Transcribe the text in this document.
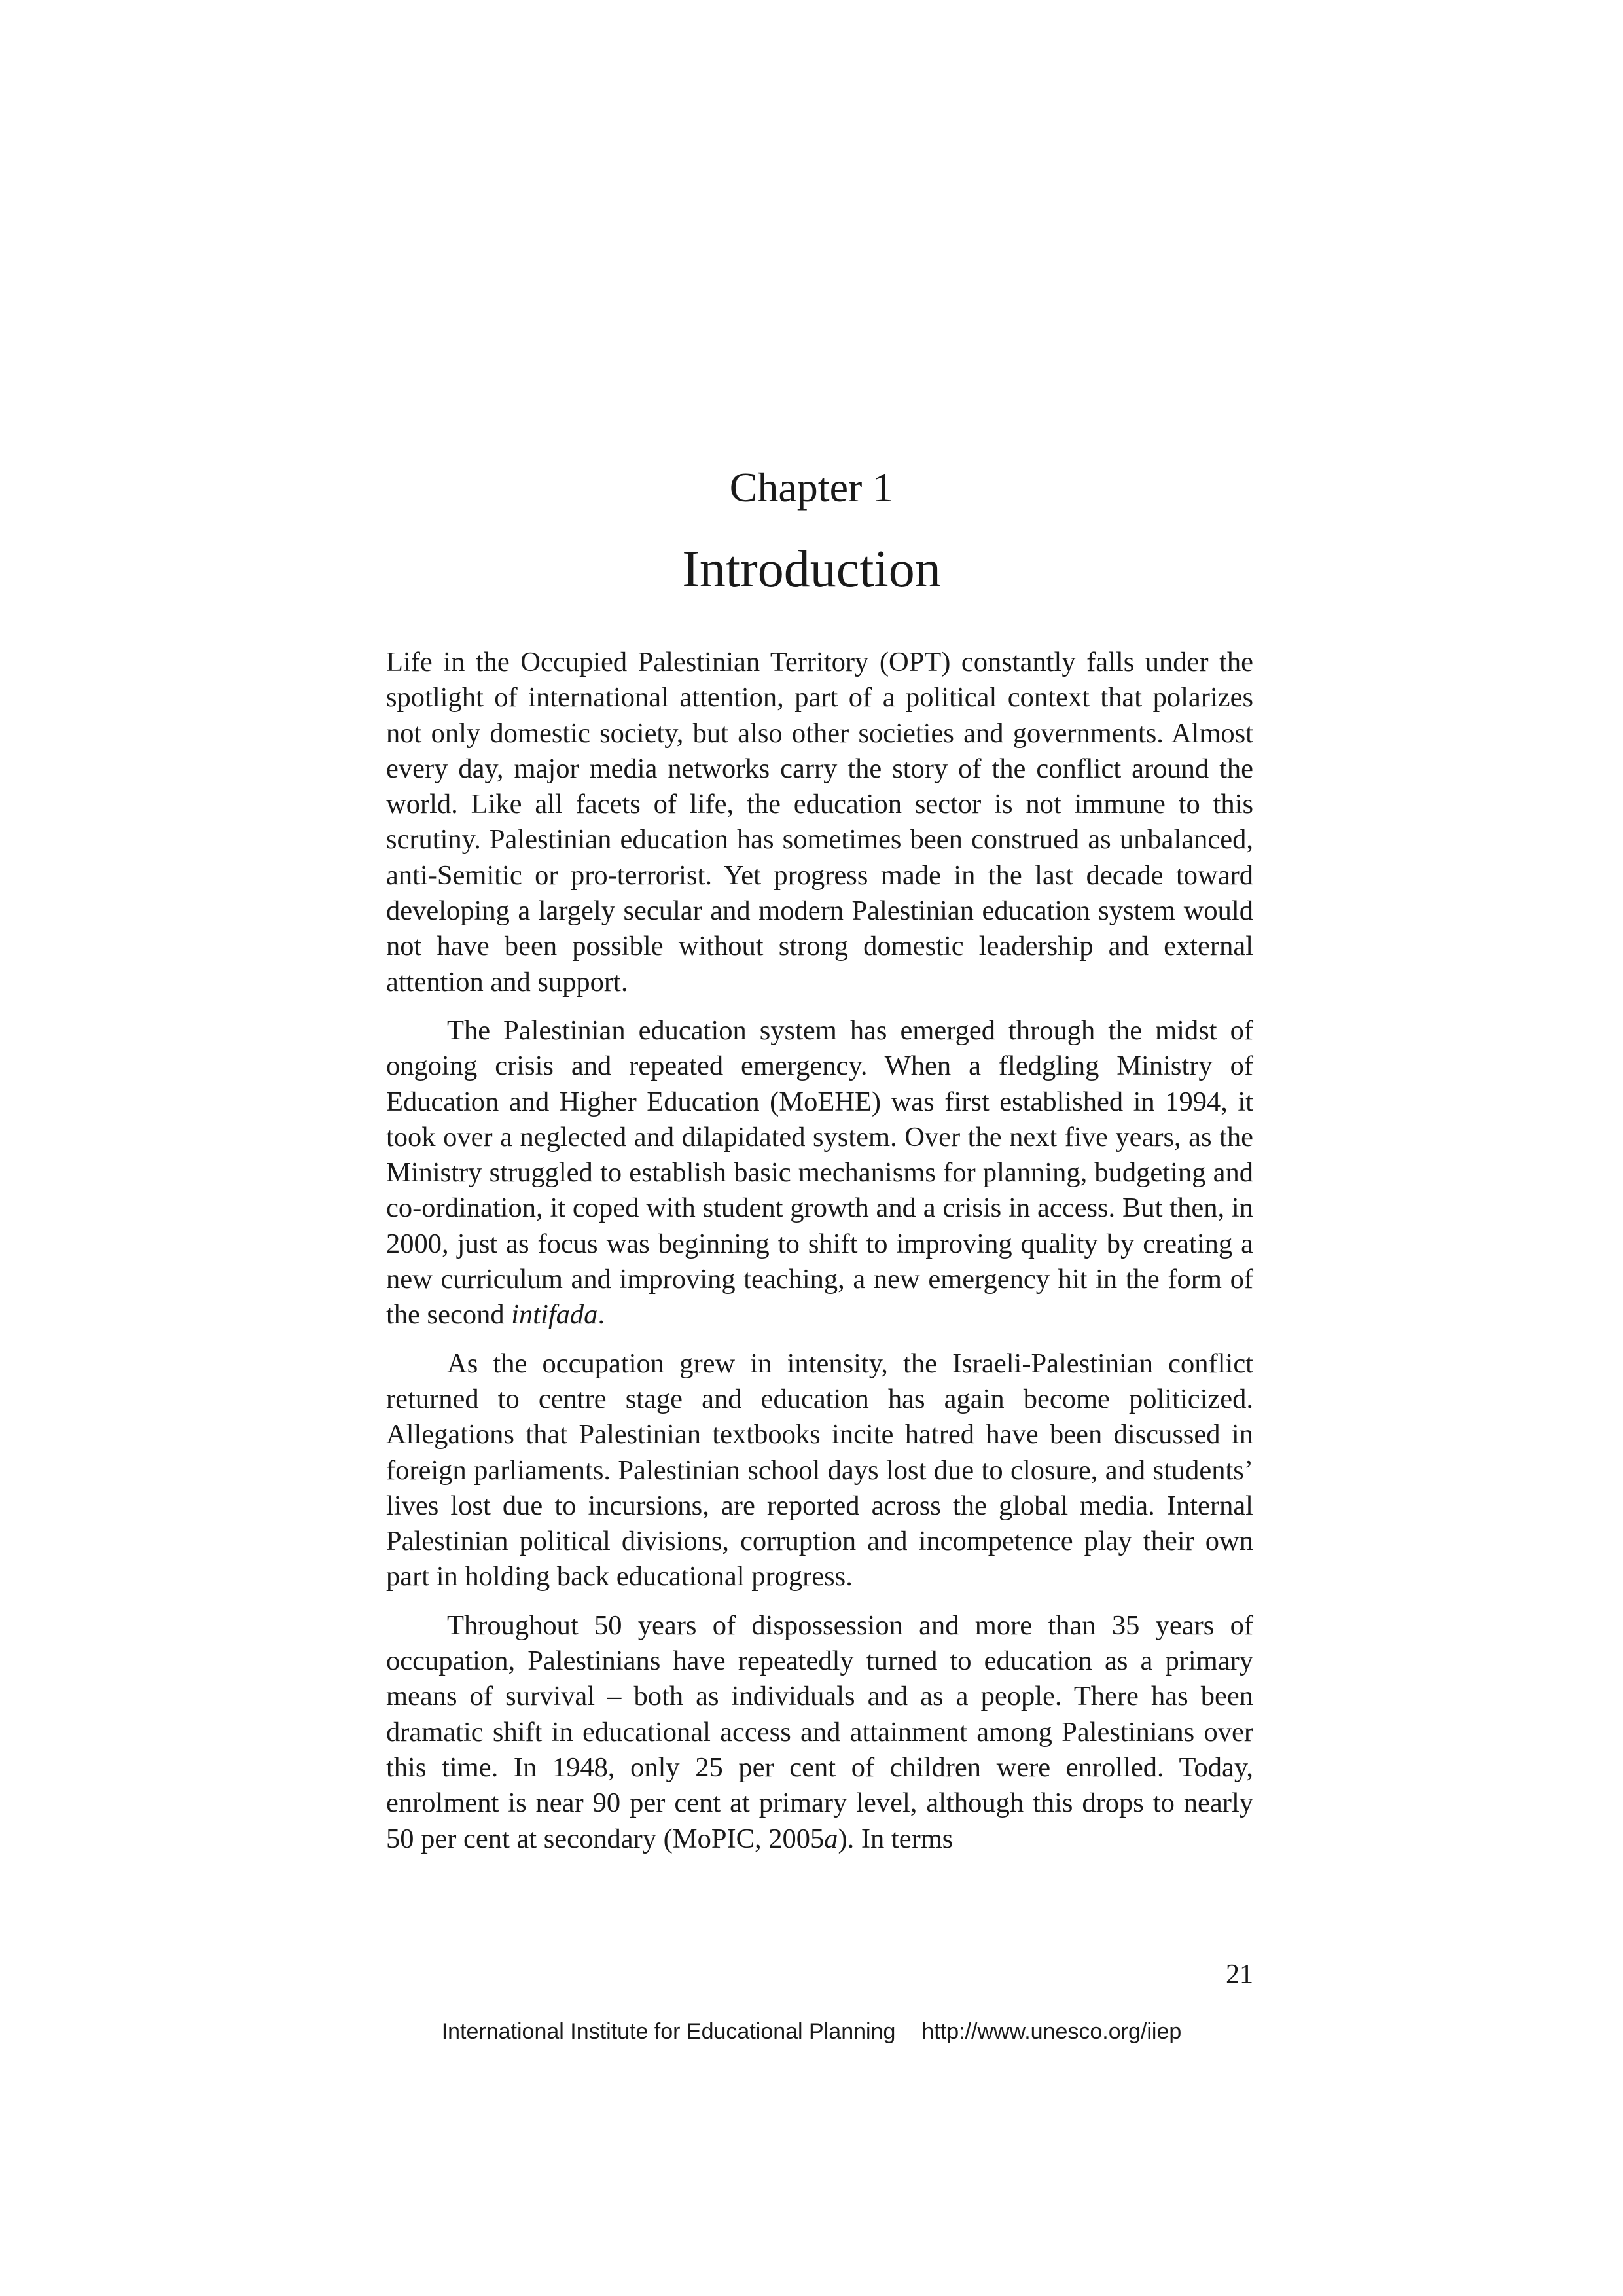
Chapter 1
Introduction

Life in the Occupied Palestinian Territory (OPT) constantly falls under the spotlight of international attention, part of a political context that polarizes not only domestic society, but also other societies and governments. Almost every day, major media networks carry the story of the conflict around the world. Like all facets of life, the education sector is not immune to this scrutiny. Palestinian education has sometimes been construed as unbalanced, anti-Semitic or pro-terrorist. Yet progress made in the last decade toward developing a largely secular and modern Palestinian education system would not have been possible without strong domestic leadership and external attention and support.

The Palestinian education system has emerged through the midst of ongoing crisis and repeated emergency. When a fledgling Ministry of Education and Higher Education (MoEHE) was first established in 1994, it took over a neglected and dilapidated system. Over the next five years, as the Ministry struggled to establish basic mechanisms for planning, budgeting and co-ordination, it coped with student growth and a crisis in access. But then, in 2000, just as focus was beginning to shift to improving quality by creating a new curriculum and improving teaching, a new emergency hit in the form of the second intifada.

As the occupation grew in intensity, the Israeli-Palestinian conflict returned to centre stage and education has again become politicized. Allegations that Palestinian textbooks incite hatred have been discussed in foreign parliaments. Palestinian school days lost due to closure, and students’ lives lost due to incursions, are reported across the global media. Internal Palestinian political divisions, corruption and incompetence play their own part in holding back educational progress.

Throughout 50 years of dispossession and more than 35 years of occupation, Palestinians have repeatedly turned to education as a primary means of survival – both as individuals and as a people. There has been dramatic shift in educational access and attainment among Palestinians over this time. In 1948, only 25 per cent of children were enrolled. Today, enrolment is near 90 per cent at primary level, although this drops to nearly 50 per cent at secondary (MoPIC, 2005a). In terms

21
International Institute for Educational Planning http://www.unesco.org/iiep
